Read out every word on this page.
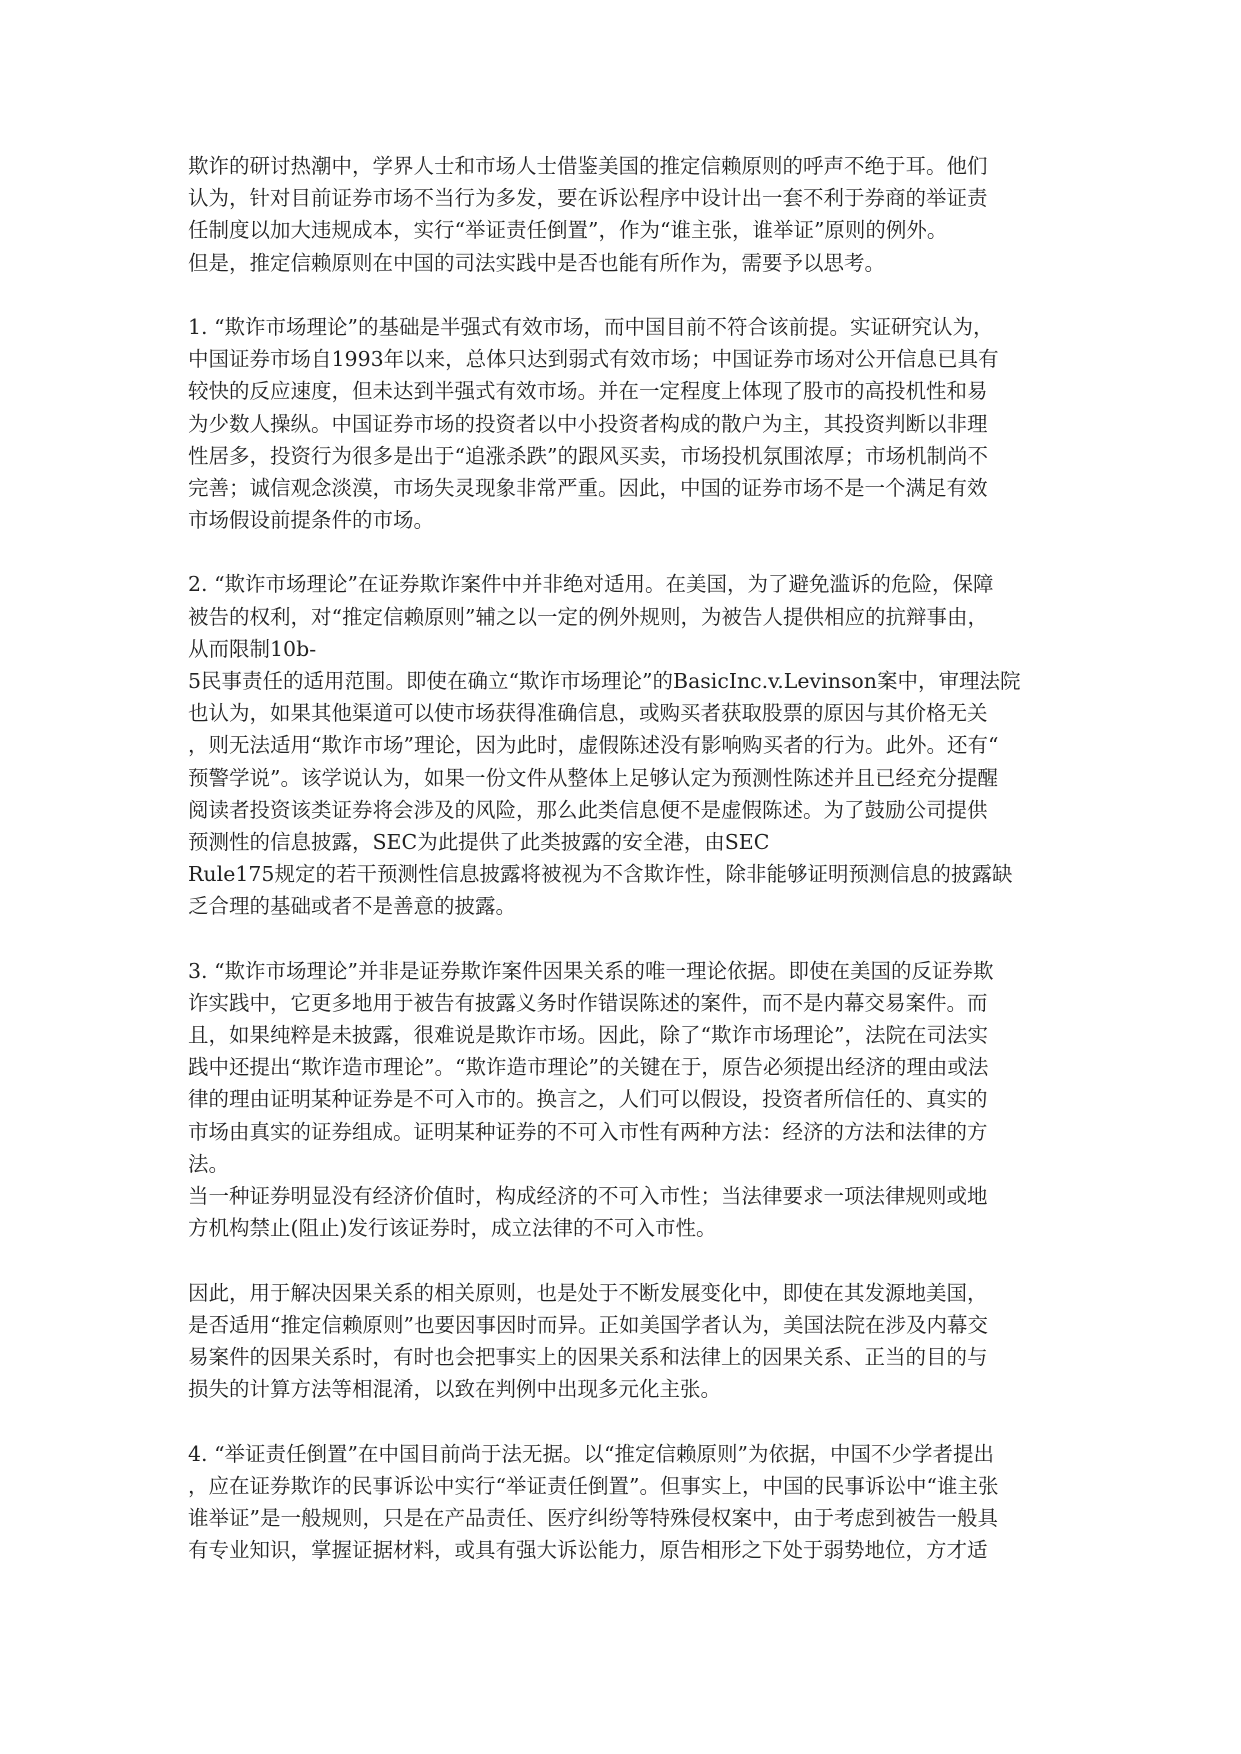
欺诈的研讨热潮中，学界人士和市场人士借鉴美国的推定信赖原则的呼声不绝于耳。他们
认为，针对目前证券市场不当行为多发，要在诉讼程序中设计出一套不利于券商的举证责
任制度以加大违规成本，实行“举证责任倒置”，作为“谁主张，谁举证”原则的例外。
但是，推定信赖原则在中国的司法实践中是否也能有所作为，需要予以思考。
1. “欺诈市场理论”的基础是半强式有效市场，而中国目前不符合该前提。实证研究认为，
中国证券市场自1993年以来，总体只达到弱式有效市场；中国证券市场对公开信息已具有
较快的反应速度，但未达到半强式有效市场。并在一定程度上体现了股市的高投机性和易
为少数人操纵。中国证券市场的投资者以中小投资者构成的散户为主，其投资判断以非理
性居多，投资行为很多是出于“追涨杀跌”的跟风买卖，市场投机氛围浓厚；市场机制尚不
完善；诚信观念淡漠，市场失灵现象非常严重。因此，中国的证券市场不是一个满足有效
市场假设前提条件的市场。
2. “欺诈市场理论”在证券欺诈案件中并非绝对适用。在美国，为了避免滥诉的危险，保障
被告的权利，对“推定信赖原则”辅之以一定的例外规则，为被告人提供相应的抗辩事由，
从而限制10b-
5民事责任的适用范围。即使在确立“欺诈市场理论”的BasicInc.v.Levinson案中，审理法院
也认为，如果其他渠道可以使市场获得准确信息，或购买者获取股票的原因与其价格无关
，则无法适用“欺诈市场”理论，因为此时，虚假陈述没有影响购买者的行为。此外。还有“
预警学说”。该学说认为，如果一份文件从整体上足够认定为预测性陈述并且已经充分提醒
阅读者投资该类证券将会涉及的风险，那么此类信息便不是虚假陈述。为了鼓励公司提供
预测性的信息披露，SEC为此提供了此类披露的安全港，由SEC
Rule175规定的若干预测性信息披露将被视为不含欺诈性，除非能够证明预测信息的披露缺
乏合理的基础或者不是善意的披露。
3. “欺诈市场理论”并非是证券欺诈案件因果关系的唯一理论依据。即使在美国的反证券欺
诈实践中，它更多地用于被告有披露义务时作错误陈述的案件，而不是内幕交易案件。而
且，如果纯粹是未披露，很难说是欺诈市场。因此，除了“欺诈市场理论”，法院在司法实
践中还提出“欺诈造市理论”。“欺诈造市理论”的关键在于，原告必须提出经济的理由或法
律的理由证明某种证券是不可入市的。换言之，人们可以假设，投资者所信任的、真实的
市场由真实的证券组成。证明某种证券的不可入市性有两种方法：经济的方法和法律的方
法。
当一种证券明显没有经济价值时，构成经济的不可入市性；当法律要求一项法律规则或地
方机构禁止(阻止)发行该证券时，成立法律的不可入市性。
因此，用于解决因果关系的相关原则，也是处于不断发展变化中，即使在其发源地美国，
是否适用“推定信赖原则”也要因事因时而异。正如美国学者认为，美国法院在涉及内幕交
易案件的因果关系时，有时也会把事实上的因果关系和法律上的因果关系、正当的目的与
损失的计算方法等相混淆，以致在判例中出现多元化主张。
4. “举证责任倒置”在中国目前尚于法无据。以“推定信赖原则”为依据，中国不少学者提出
，应在证券欺诈的民事诉讼中实行“举证责任倒置”。但事实上，中国的民事诉讼中“谁主张
谁举证”是一般规则，只是在产品责任、医疗纠纷等特殊侵权案中，由于考虑到被告一般具
有专业知识，掌握证据材料，或具有强大诉讼能力，原告相形之下处于弱势地位，方才适
